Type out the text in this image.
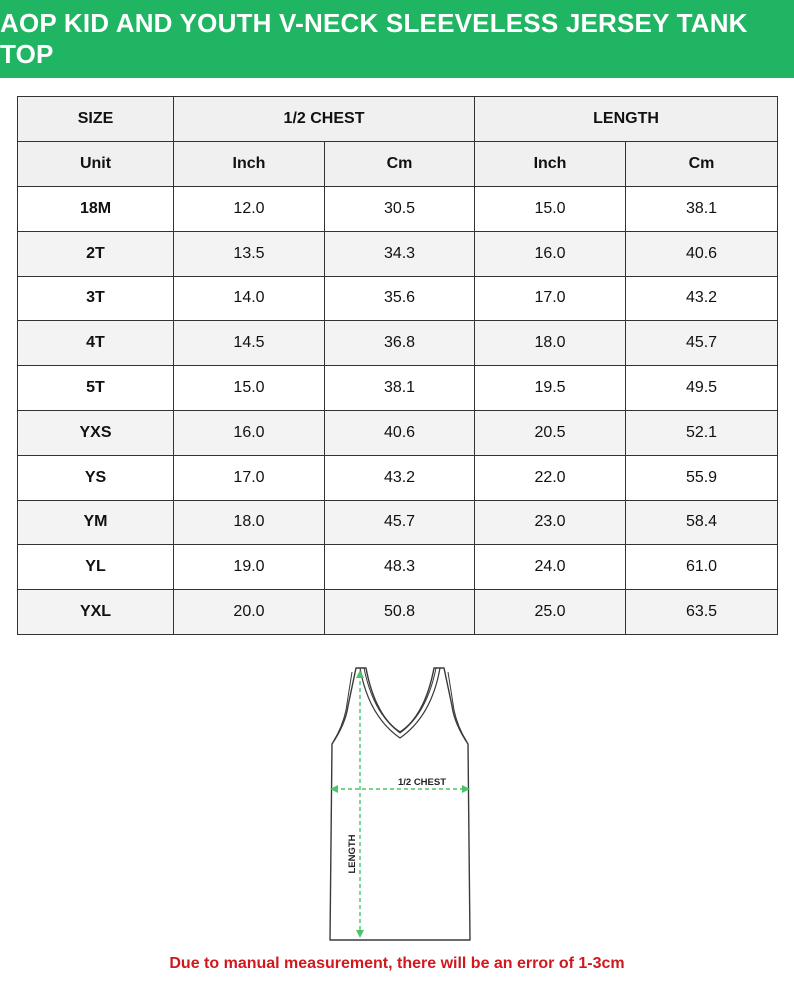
AOP KID AND YOUTH V-NECK SLEEVELESS JERSEY TANK TOP
SIZE	1/2 CHEST		LENGTH	
Unit	Inch	Cm	Inch	Cm
18M	12.0	30.5	15.0	38.1
2T	13.5	34.3	16.0	40.6
3T	14.0	35.6	17.0	43.2
4T	14.5	36.8	18.0	45.7
5T	15.0	38.1	19.5	49.5
YXS	16.0	40.6	20.5	52.1
YS	17.0	43.2	22.0	55.9
YM	18.0	45.7	23.0	58.4
YL	19.0	48.3	24.0	61.0
YXL	20.0	50.8	25.0	63.5
1/2 CHEST
LENGTH
Due to manual measurement, there will be an error of 1-3cm
